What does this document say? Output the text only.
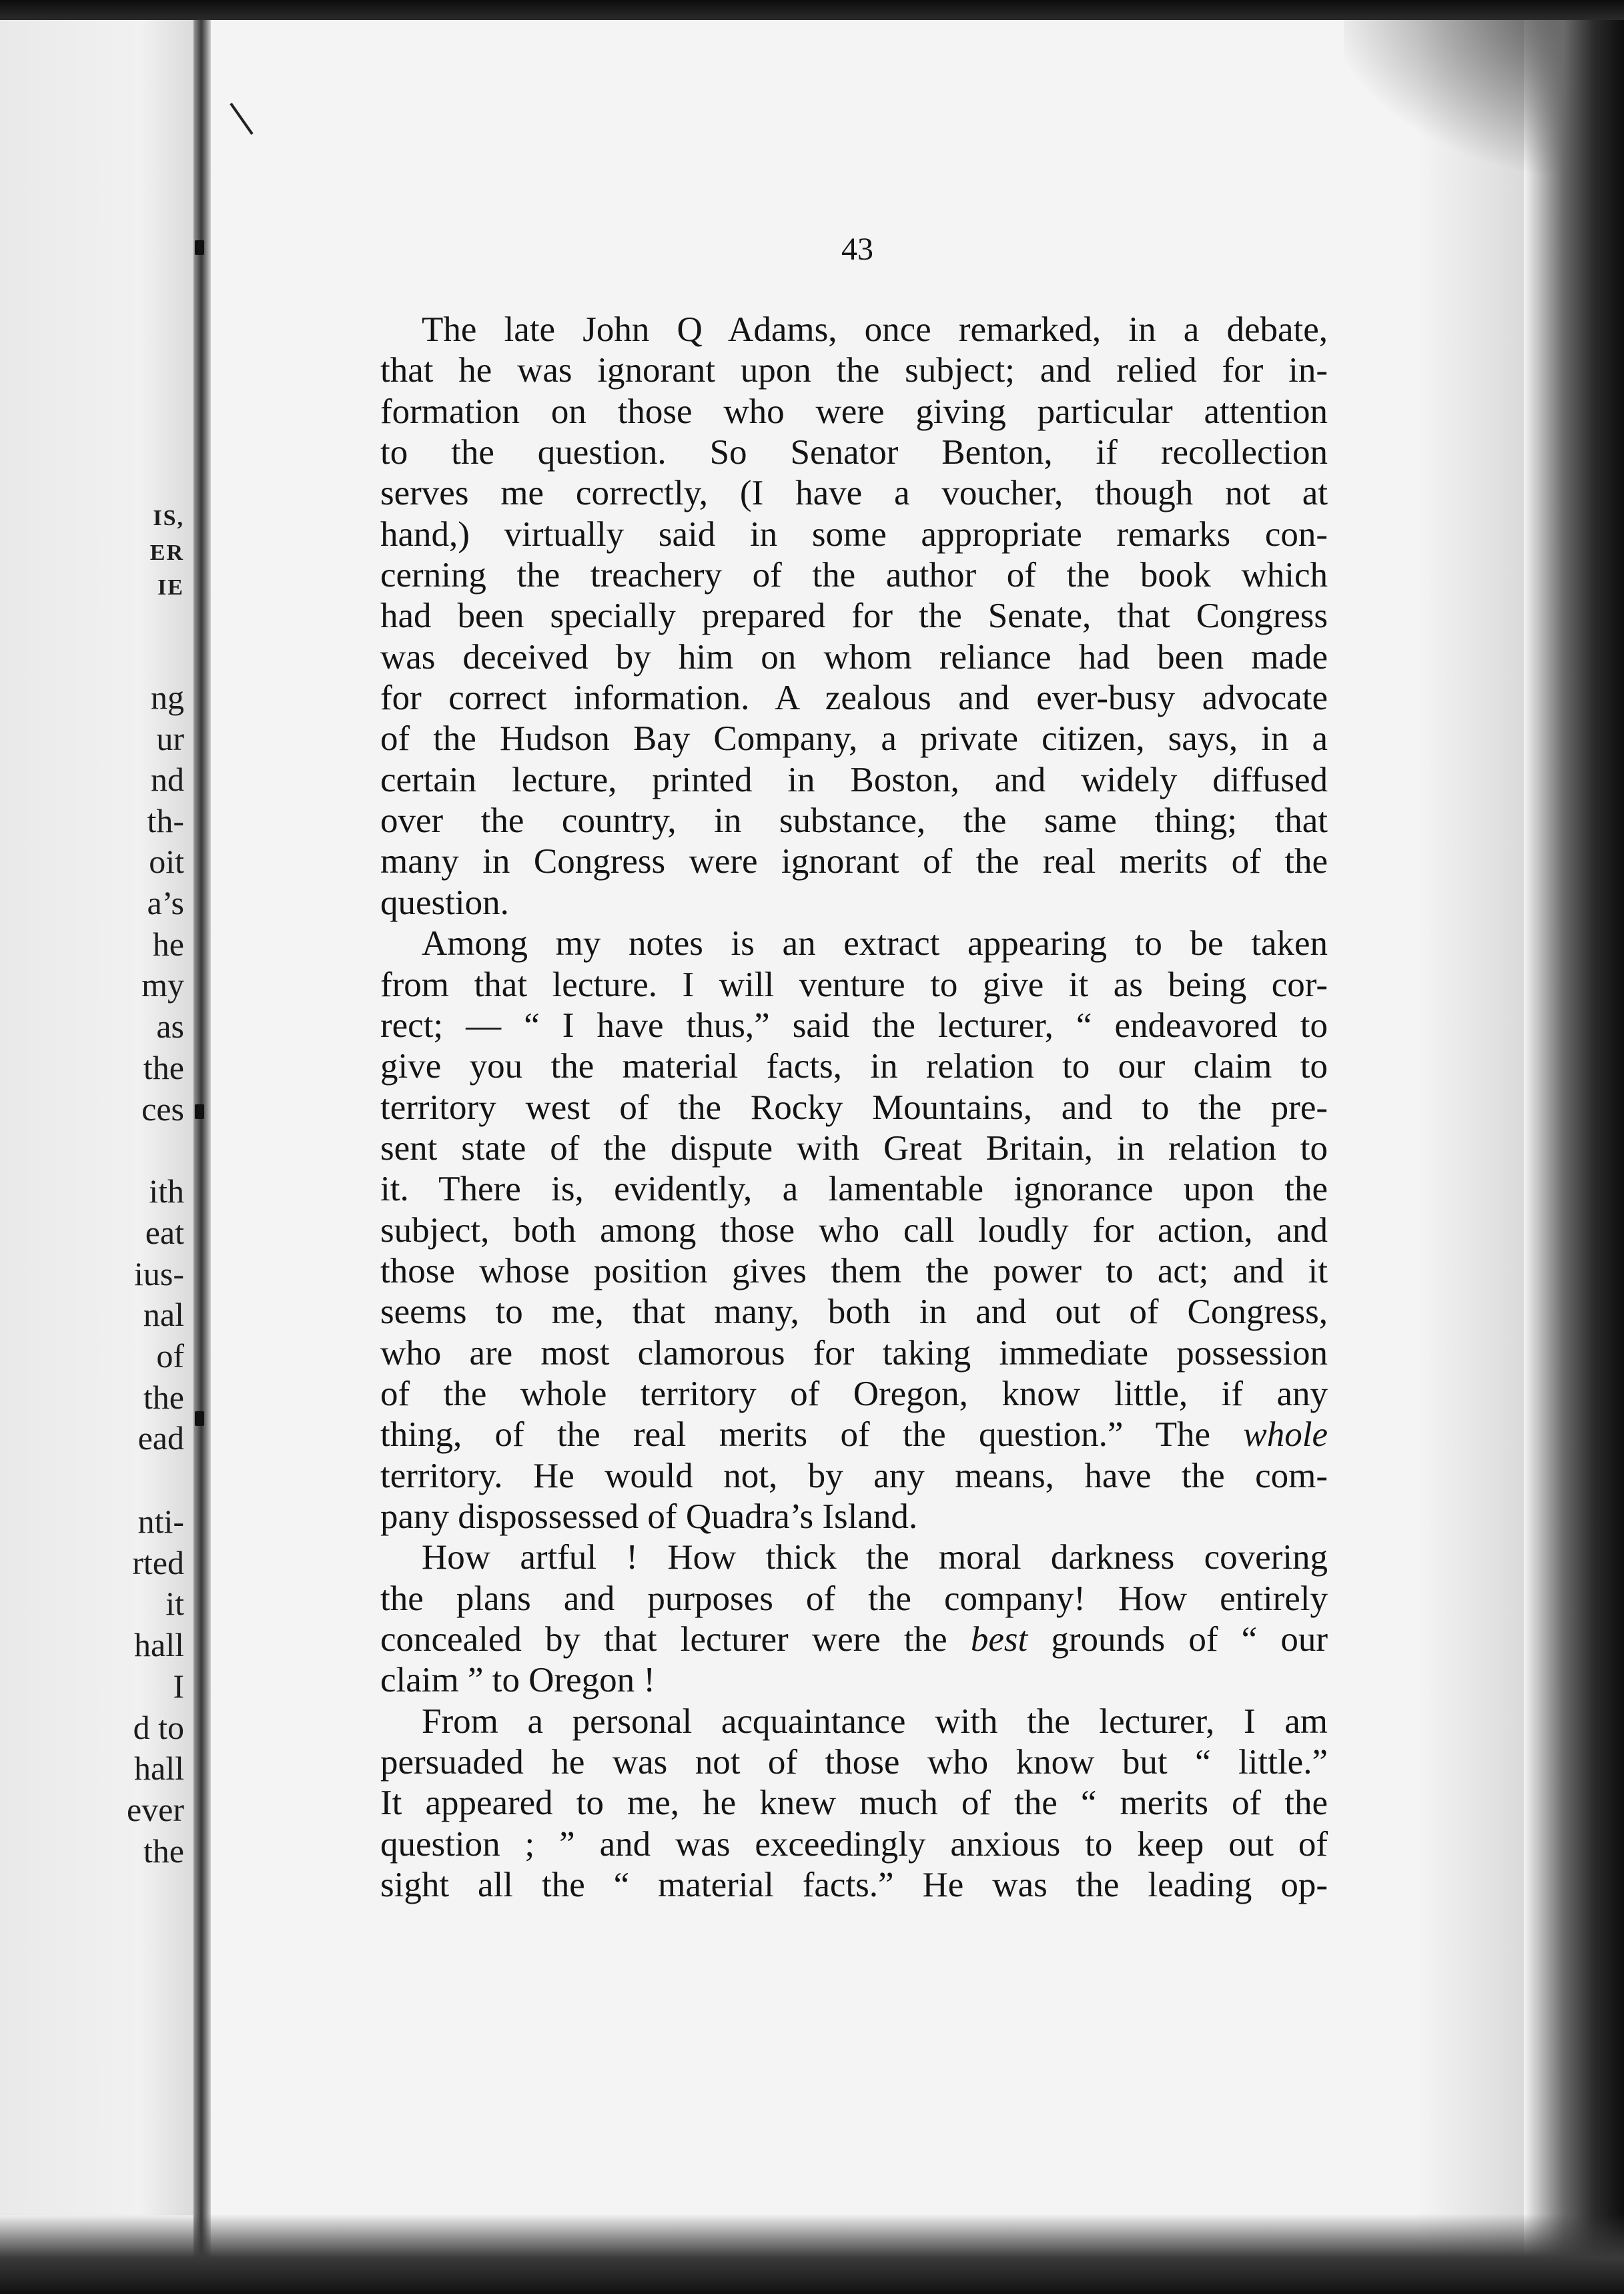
IS,
ER
IE
ng
ur
nd
th-
oit
a’s
he
my
as
the
ces
ith
eat
ius-
nal
of
the
ead
nti-
rted
it
hall
I
d to
hall
ever
the
43
The late John Q Adams, once remarked, in a debate,
that he was ignorant upon the subject; and relied for in-
formation on those who were giving particular attention
to the question. So Senator Benton, if recollection
serves me correctly, (I have a voucher, though not at
hand,) virtually said in some appropriate remarks con-
cerning the treachery of the author of the book which
had been specially prepared for the Senate, that Congress
was deceived by him on whom reliance had been made
for correct information. A zealous and ever-busy advocate
of the Hudson Bay Company, a private citizen, says, in a
certain lecture, printed in Boston, and widely diffused
over the country, in substance, the same thing; that
many in Congress were ignorant of the real merits of the
question.
Among my notes is an extract appearing to be taken
from that lecture. I will venture to give it as being cor-
rect; — “ I have thus,” said the lecturer, “ endeavored to
give you the material facts, in relation to our claim to
territory west of the Rocky Mountains, and to the pre-
sent state of the dispute with Great Britain, in relation to
it. There is, evidently, a lamentable ignorance upon the
subject, both among those who call loudly for action, and
those whose position gives them the power to act; and it
seems to me, that many, both in and out of Congress,
who are most clamorous for taking immediate possession
of the whole territory of Oregon, know little, if any
thing, of the real merits of the question.” The whole
territory. He would not, by any means, have the com-
pany dispossessed of Quadra’s Island.
How artful ! How thick the moral darkness covering
the plans and purposes of the company! How entirely
concealed by that lecturer were the best grounds of “ our
claim ” to Oregon !
From a personal acquaintance with the lecturer, I am
persuaded he was not of those who know but “ little.”
It appeared to me, he knew much of the “ merits of the
question ; ” and was exceedingly anxious to keep out of
sight all the “ material facts.” He was the leading op-
